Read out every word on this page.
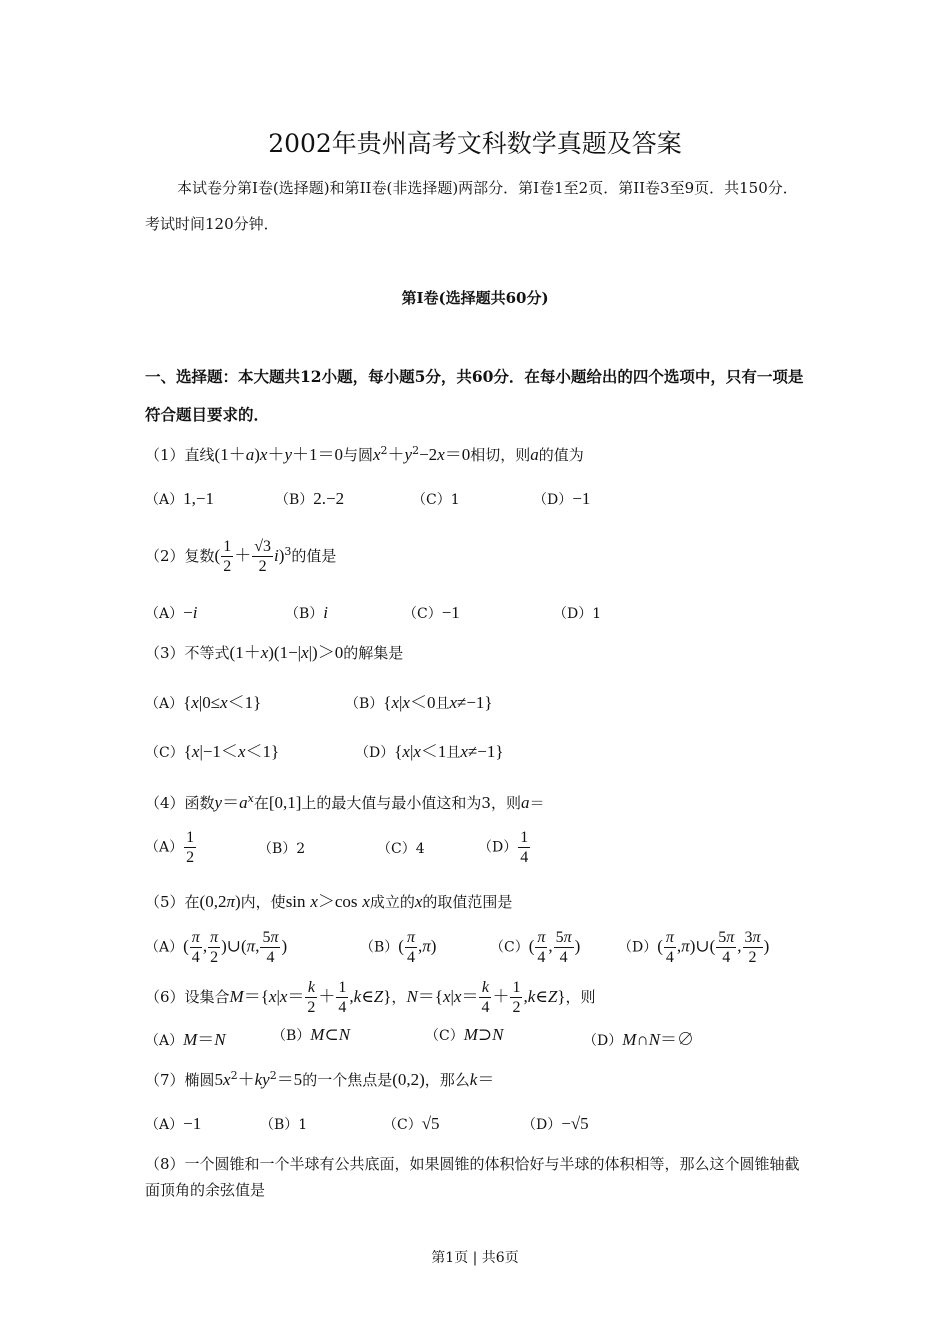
2002年贵州高考文科数学真题及答案
本试卷分第Ⅰ卷(选择题)和第II卷(非选择题)两部分．第Ⅰ卷1至2页．第II卷3至9页．共150分．考试时间120分钟．
第Ⅰ卷(选择题共60分)
一、选择题：本大题共12小题，每小题5分，共60分．在每小题给出的四个选项中，只有一项是符合题目要求的．
（1）直线(1＋a)x＋y＋1＝0与圆$x^2+y^2-2x=0$相切，则a的值为
（A）1,−1	（B）2.−2	（C）1	（D）−1
（2）复数( $\frac{1}{2} + \frac{√3}{2} i)^3$的值是
（A）−i	（B）i	（C）−1	（D）1
（3）不等式(1＋x)(1−|x|)＞0的解集是
（A）{x|0≤x＜1}	（B）{x|x＜0且x≠−1}
（C）{x|−1＜x＜1}	（D）{x|x＜1且x≠−1}
（4）函数$y=a^x$在[0,1]上的最大值与最小值这和为3，则a＝
$(A) \frac{1}{2}$	（B）2	（C）4	$(D) \frac{1}{4}$
（5）在(0,2π)内，使sin x＞cos x成立的x的取值范围是
$(A)( \frac{\pi}{4}$ , $\frac{\pi}{2}$ )∪(π, $\frac{5\pi}{4}$ )	$(B)( \frac{\pi}{4} ,\pi)$	$(C)( \frac{\pi}{4}$ , $\frac{5\pi}{4}$ )	$(D)( \frac{\pi}{4}$ ,π)∪( $\frac{5\pi}{4}$ , $\frac{3\pi}{2}$ )
（6）设集合$M=\{x|x= \frac{k}{2} + \frac{1}{4}$ ,k∈Z}，$N=\{x|x= \frac{k}{4} + \frac{1}{2}$ ,k∈Z}，则
（A）M＝N	（B）M⊂N	（C）M⊃N	（D）M∩N＝∅
（7）椭圆$5x^2+ky^2=5$的一个焦点是(0,2)，那么k＝
（A）−1	（B）1	（C）√5	（D）−√5
（8）一个圆锥和一个半球有公共底面，如果圆锥的体积恰好与半球的体积相等，那么这个圆锥轴截面顶角的余弦值是
第1页 | 共6页
